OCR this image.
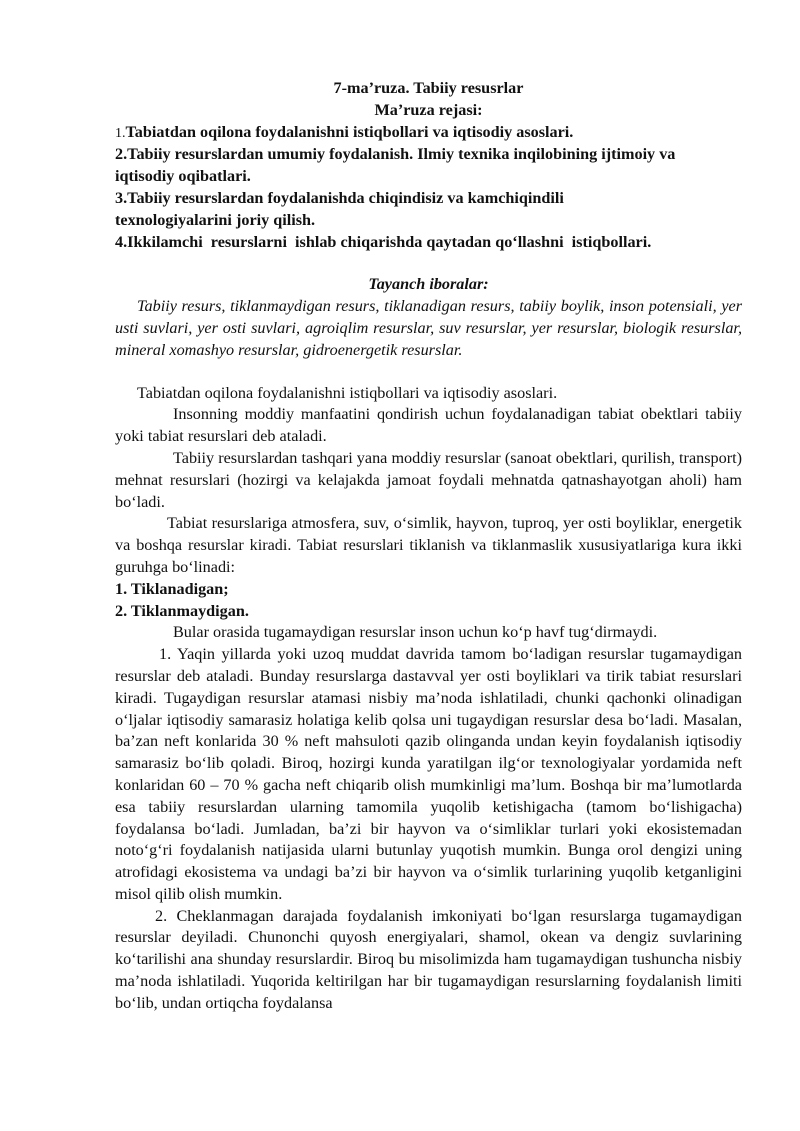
7-ma’ruza. Tabiiy resusrlar

Ma’ruza rejasi:

1.Tabiatdan oqilona foydalanishni istiqbollari va iqtisodiy asoslari.

2.Tabiiy resurslardan umumiy foydalanish. Ilmiy texnika inqilobining ijtimoiy va iqtisodiy oqibatlari.

3.Tabiiy resurslardan foydalanishda chiqindisiz va kamchiqindili texnologiyalarini joriy qilish.

4.Ikkilamchi  resurslarni  ishlab chiqarishda qaytadan qo‘llashni  istiqbollari.

Tayanch iboralar:

Tabiiy resurs, tiklanmaydigan resurs, tiklanadigan resurs, tabiiy boylik, inson potensiali, yer usti suvlari, yer osti suvlari, agroiqlim resurslar, suv resurslar, yer resurslar, biologik resurslar, mineral xomashyo resurslar, gidroenergetik resurslar.

Tabiatdan oqilona foydalanishni istiqbollari va iqtisodiy asoslari.

Insonning moddiy manfaatini qondirish uchun foydalanadigan tabiat obektlari tabiiy yoki tabiat resurslari deb ataladi.

Tabiiy resurslardan tashqari yana moddiy resurslar (sanoat obektlari, qurilish, transport) mehnat resurslari (hozirgi va kelajakda jamoat foydali mehnatda qatnashayotgan aholi) ham bo‘ladi.

Tabiat resurslariga atmosfera, suv, o‘simlik, hayvon, tuproq, yer osti boyliklar, energetik va boshqa resurslar kiradi. Tabiat resurslari tiklanish va tiklanmaslik xususiyatlariga kura ikki guruhga bo‘linadi:

1. Tiklanadigan;

2. Tiklanmaydigan.

Bular orasida tugamaydigan resurslar inson uchun ko‘p havf tug‘dirmaydi.

1. Yaqin yillarda yoki uzoq muddat davrida tamom bo‘ladigan resurslar tugamaydigan resurslar deb ataladi. Bunday resurslarga dastavval yer osti boyliklari va tirik tabiat resurslari kiradi. Tugaydigan resurslar atamasi nisbiy ma’noda ishlatiladi, chunki qachonki olinadigan o‘ljalar iqtisodiy samarasiz holatiga kelib qolsa uni tugaydigan resurslar desa bo‘ladi. Masalan, ba’zan neft konlarida 30 % neft mahsuloti qazib olinganda undan keyin foydalanish iqtisodiy samarasiz bo‘lib qoladi. Biroq, hozirgi kunda yaratilgan ilg‘or texnologiyalar yordamida neft konlaridan 60 – 70 % gacha neft chiqarib olish mumkinligi ma’lum. Boshqa bir ma’lumotlarda esa tabiiy resurslardan ularning tamomila yuqolib ketishigacha (tamom bo‘lishigacha) foydalansa bo‘ladi. Jumladan, ba’zi bir hayvon va o‘simliklar turlari yoki ekosistemadan noto‘g‘ri foydalanish natijasida ularni butunlay yuqotish mumkin. Bunga orol dengizi uning atrofidagi ekosistema va undagi ba’zi bir hayvon va o‘simlik turlarining yuqolib ketganligini misol qilib olish mumkin.

2. Cheklanmagan darajada foydalanish imkoniyati bo‘lgan resurslarga tugamaydigan resurslar deyiladi. Chunonchi quyosh energiyalari, shamol, okean va dengiz suvlarining ko‘tarilishi ana shunday resurslardir. Biroq bu misolimizda ham tugamaydigan tushuncha nisbiy ma’noda ishlatiladi. Yuqorida keltirilgan har bir tugamaydigan resurslarning foydalanish limiti bo‘lib, undan ortiqcha foydalansa
